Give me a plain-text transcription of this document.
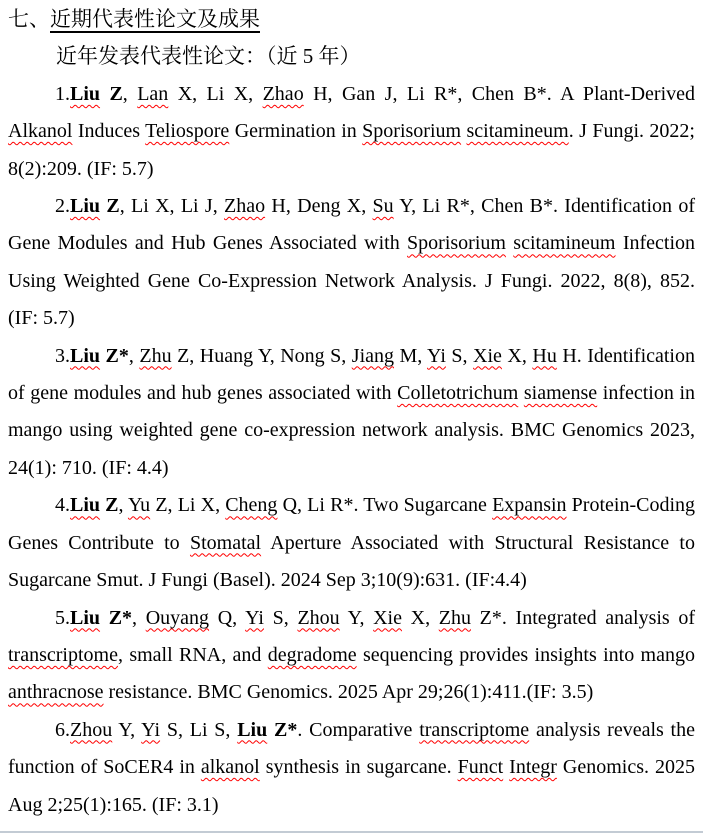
七、近期代表性论文及成果

近年发表代表性论文：（近 5 年）

1.Liu Z, Lan X, Li X, Zhao H, Gan J, Li R*, Chen B*. A Plant-Derived Alkanol Induces Teliospore Germination in Sporisorium scitamineum. J Fungi. 2022; 8(2):209. (IF: 5.7)

2.Liu Z, Li X, Li J, Zhao H, Deng X, Su Y, Li R*, Chen B*. Identification of Gene Modules and Hub Genes Associated with Sporisorium scitamineum Infection Using Weighted Gene Co-Expression Network Analysis. J Fungi. 2022, 8(8), 852. (IF: 5.7)

3.Liu Z*, Zhu Z, Huang Y, Nong S, Jiang M, Yi S, Xie X, Hu H. Identification of gene modules and hub genes associated with Colletotrichum siamense infection in mango using weighted gene co-expression network analysis. BMC Genomics 2023, 24(1): 710. (IF: 4.4)

4.Liu Z, Yu Z, Li X, Cheng Q, Li R*. Two Sugarcane Expansin Protein-Coding Genes Contribute to Stomatal Aperture Associated with Structural Resistance to Sugarcane Smut. J Fungi (Basel). 2024 Sep 3;10(9):631. (IF:4.4)

5.Liu Z*, Ouyang Q, Yi S, Zhou Y, Xie X, Zhu Z*. Integrated analysis of transcriptome, small RNA, and degradome sequencing provides insights into mango anthracnose resistance. BMC Genomics. 2025 Apr 29;26(1):411.(IF: 3.5)

6.Zhou Y, Yi S, Li S, Liu Z*. Comparative transcriptome analysis reveals the function of SoCER4 in alkanol synthesis in sugarcane. Funct Integr Genomics. 2025 Aug 2;25(1):165. (IF: 3.1)
